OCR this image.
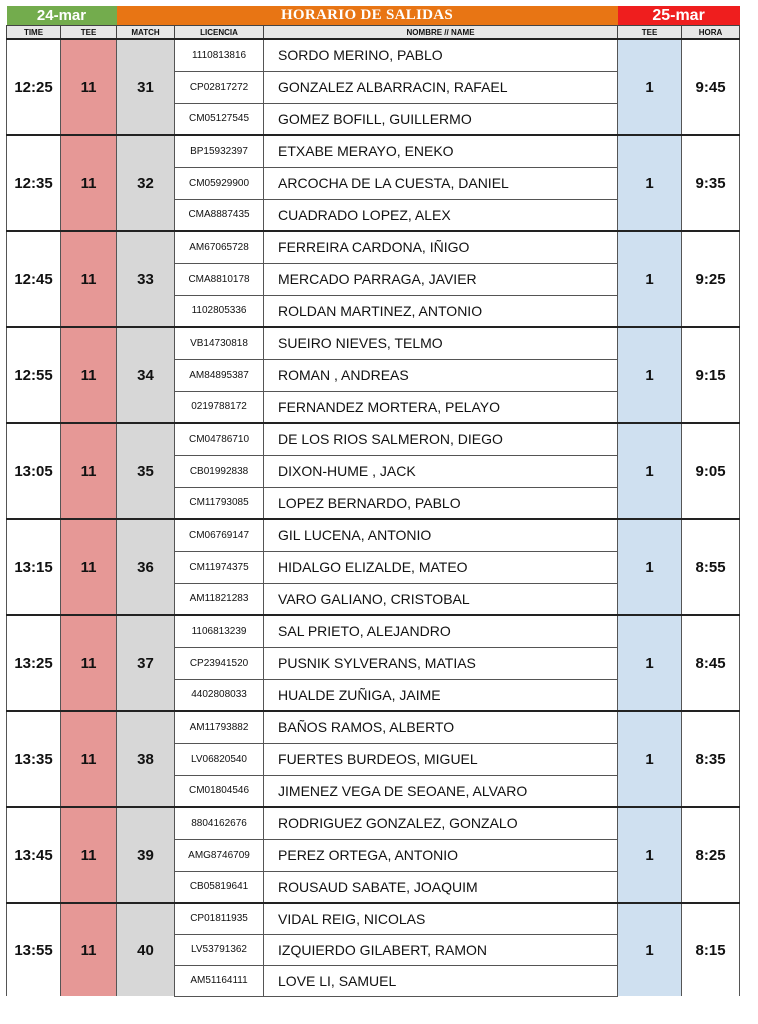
24-mar		HORARIO DE SALIDAS			25-mar	
TIME	TEE	MATCH	LICENCIA	NOMBRE // NAME	TEE	HORA
12:25	11	31	1110813816	SORDO MERINO, PABLO	1	9:45
			CP02817272	GONZALEZ ALBARRACIN, RAFAEL		
			CM05127545	GOMEZ BOFILL, GUILLERMO		
12:35	11	32	BP15932397	ETXABE MERAYO, ENEKO	1	9:35
			CM05929900	ARCOCHA DE LA CUESTA, DANIEL		
			CMA8887435	CUADRADO LOPEZ, ALEX		
12:45	11	33	AM67065728	FERREIRA CARDONA, IÑIGO	1	9:25
			CMA8810178	MERCADO PARRAGA, JAVIER		
			1102805336	ROLDAN MARTINEZ, ANTONIO		
12:55	11	34	VB14730818	SUEIRO NIEVES, TELMO	1	9:15
			AM84895387	ROMAN , ANDREAS		
			0219788172	FERNANDEZ MORTERA, PELAYO		
13:05	11	35	CM04786710	DE LOS RIOS SALMERON, DIEGO	1	9:05
			CB01992838	DIXON-HUME , JACK		
			CM11793085	LOPEZ BERNARDO, PABLO		
13:15	11	36	CM06769147	GIL LUCENA, ANTONIO	1	8:55
			CM11974375	HIDALGO ELIZALDE, MATEO		
			AM11821283	VARO GALIANO, CRISTOBAL		
13:25	11	37	1106813239	SAL PRIETO, ALEJANDRO	1	8:45
			CP23941520	PUSNIK SYLVERANS, MATIAS		
			4402808033	HUALDE ZUÑIGA, JAIME		
13:35	11	38	AM11793882	BAÑOS RAMOS, ALBERTO	1	8:35
			LV06820540	FUERTES BURDEOS, MIGUEL		
			CM01804546	JIMENEZ VEGA DE SEOANE, ALVARO		
13:45	11	39	8804162676	RODRIGUEZ GONZALEZ, GONZALO	1	8:25
			AMG8746709	PEREZ ORTEGA, ANTONIO		
			CB05819641	ROUSAUD SABATE, JOAQUIM		
13:55	11	40	CP01811935	VIDAL REIG, NICOLAS	1	8:15
			LV53791362	IZQUIERDO GILABERT, RAMON		
			AM51164111	LOVE LI, SAMUEL		
